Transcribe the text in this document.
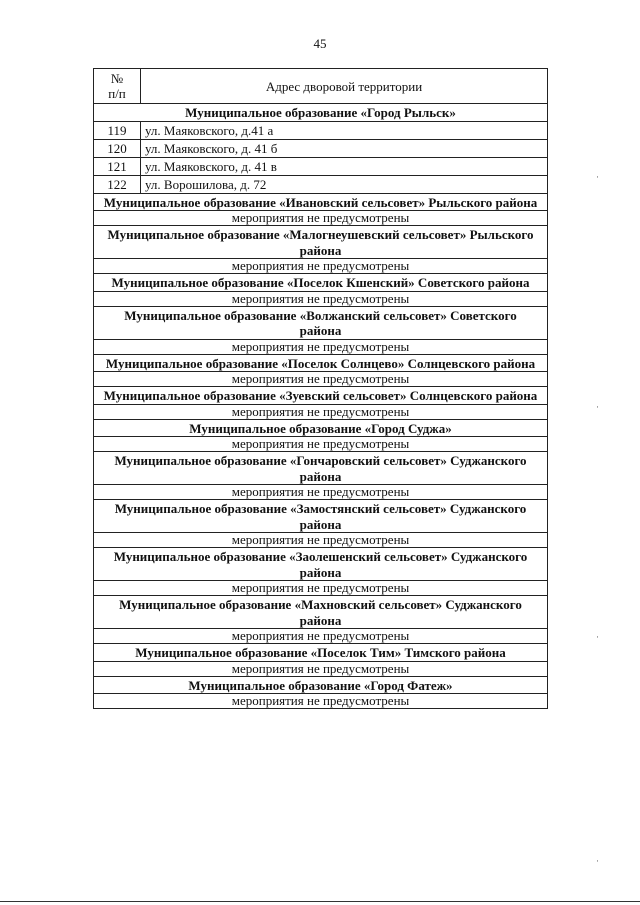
45
№
п/п	Адрес дворовой территории
Муниципальное образование «Город Рыльск»	
119	ул. Маяковского, д.41 а
120	ул. Маяковского, д. 41 б
121	ул. Маяковского, д. 41 в
122	ул. Ворошилова, д. 72
Муниципальное образование «Ивановский сельсовет» Рыльского района	
мероприятия не предусмотрены	
Муниципальное образование «Малогнеушевский сельсовет» Рыльского района	
мероприятия не предусмотрены	
Муниципальное образование «Поселок Кшенский» Советского района	
мероприятия не предусмотрены	
Муниципальное образование «Волжанский сельсовет» Советского района	
мероприятия не предусмотрены	
Муниципальное образование «Поселок Солнцево» Солнцевского района	
мероприятия не предусмотрены	
Муниципальное образование «Зуевский сельсовет» Солнцевского района	
мероприятия не предусмотрены	
Муниципальное образование «Город Суджа»	
мероприятия не предусмотрены	
Муниципальное образование «Гончаровский сельсовет» Суджанского района	
мероприятия не предусмотрены	
Муниципальное образование «Замостянский сельсовет» Суджанского района	
мероприятия не предусмотрены	
Муниципальное образование «Заолешенский сельсовет» Суджанского района	
мероприятия не предусмотрены	
Муниципальное образование «Махновский сельсовет» Суджанского района	
мероприятия не предусмотрены	
Муниципальное образование «Поселок Тим» Тимского района	
мероприятия не предусмотрены	
Муниципальное образование «Город Фатеж»	
мероприятия не предусмотрены	
·
·
·
·
